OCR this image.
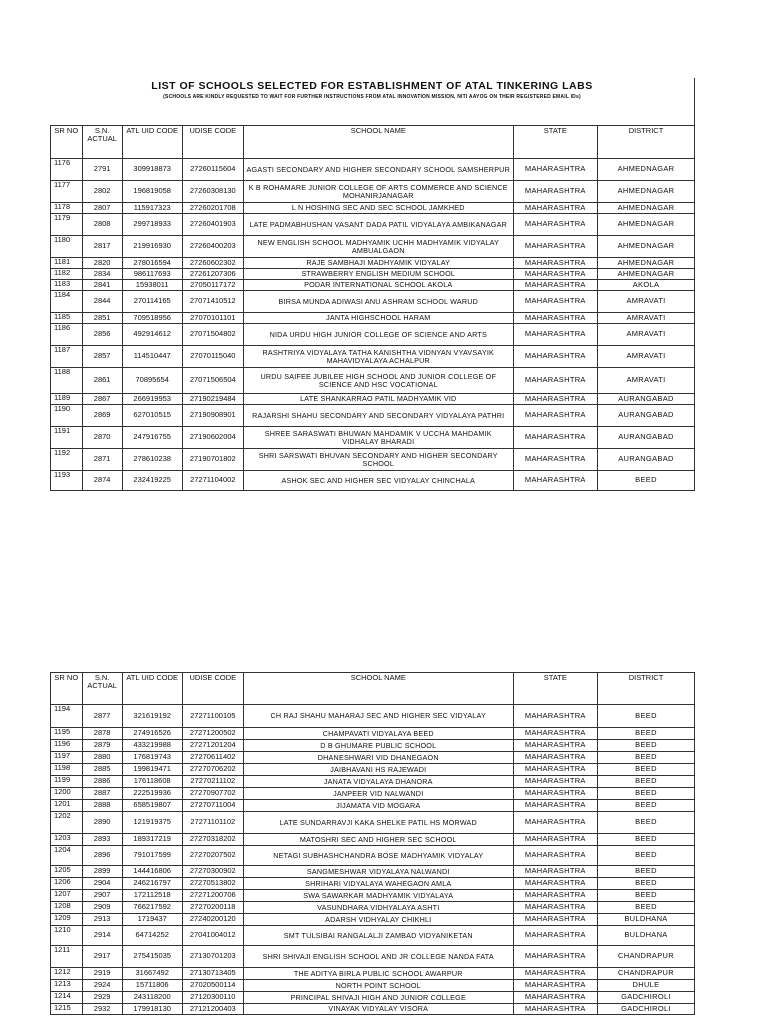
LIST OF SCHOOLS SELECTED FOR ESTABLISHMENT OF ATAL TINKERING LABS
(SCHOOLS ARE KINDLY REQUESTED TO WAIT FOR FURTHER INSTRUCTIONS FROM ATAL INNOVATION MISSION, NITI AAYOG ON THEIR REGISTERED EMAIL IDs)
SR NO	S.N. ACTUAL	ATL UID CODE	UDISE CODE	SCHOOL NAME	STATE	DISTRICT
1176	2791	309918873	27260115604	AGASTI SECONDARY AND HIGHER SECONDARY SCHOOL SAMSHERPUR	MAHARASHTRA	AHMEDNAGAR
1177	2802	196819058	27260308130	K B ROHAMARE JUNIOR COLLEGE OF ARTS COMMERCE AND SCIENCE MOHANIRJANAGAR	MAHARASHTRA	AHMEDNAGAR
1178	2807	115917323	27260201708	L N HOSHING SEC AND SEC SCHOOL JAMKHED	MAHARASHTRA	AHMEDNAGAR
1179	2808	299718933	27260401903	LATE PADMABHUSHAN VASANT DADA PATIL VIDYALAYA AMBIKANAGAR	MAHARASHTRA	AHMEDNAGAR
1180	2817	219916930	27260400203	NEW ENGLISH SCHOOL MADHYAMIK UCHH MADHYAMIK VIDYALAY AMBUALGAON	MAHARASHTRA	AHMEDNAGAR
1181	2820	278016594	27260602302	RAJE SAMBHAJI MADHYAMIK VIDYALAY	MAHARASHTRA	AHMEDNAGAR
1182	2834	986117693	27261207306	STRAWBERRY ENGLISH MEDIUM SCHOOL	MAHARASHTRA	AHMEDNAGAR
1183	2841	15938011	27050117172	PODAR INTERNATIONAL SCHOOL AKOLA	MAHARASHTRA	AKOLA
1184	2844	270114165	27071410512	BIRSA MUNDA ADIWASI ANU ASHRAM SCHOOL WARUD	MAHARASHTRA	AMRAVATI
1185	2851	709518956	27070101101	JANTA HIGHSCHOOL HARAM	MAHARASHTRA	AMRAVATI
1186	2856	492914612	27071504802	NIDA URDU HIGH JUNIOR COLLEGE OF SCIENCE AND ARTS	MAHARASHTRA	AMRAVATI
1187	2857	114510447	27070115040	RASHTRIYA VIDYALAYA TATHA KANISHTHA VIDNYAN VYAVSAYIK MAHAVIDYALAYA ACHALPUR	MAHARASHTRA	AMRAVATI
1188	2861	70895654	27071506504	URDU SAIFEE JUBILEE HIGH SCHOOL AND JUNIOR COLLEGE OF SCIENCE AND HSC VOCATIONAL	MAHARASHTRA	AMRAVATI
1189	2867	266919953	27190219484	LATE SHANKARRAO PATIL MADHYAMIK VID	MAHARASHTRA	AURANGABAD
1190	2869	627010515	27190908901	RAJARSHI SHAHU SECONDARY AND SECONDARY VIDYALAYA PATHRI	MAHARASHTRA	AURANGABAD
1191	2870	247916755	27190602004	SHREE SARASWATI BHUWAN MAHDAMIK V UCCHA MAHDAMIK VIDHALAY BHARADI	MAHARASHTRA	AURANGABAD
1192	2871	278610238	27190701802	SHRI SARSWATI BHUVAN SECONDARY AND HIGHER SECONDARY SCHOOL	MAHARASHTRA	AURANGABAD
1193	2874	232419225	27271104002	ASHOK SEC AND HIGHER SEC VIDYALAY CHINCHALA	MAHARASHTRA	BEED
SR NO	S.N. ACTUAL	ATL UID CODE	UDISE CODE	SCHOOL NAME	STATE	DISTRICT
1194	2877	321619192	27271100105	CH RAJ SHAHU MAHARAJ SEC AND HIGHER SEC VIDYALAY	MAHARASHTRA	BEED
1195	2878	274916526	27271200502	CHAMPAVATI VIDYALAYA BEED	MAHARASHTRA	BEED
1196	2879	433219988	27271201204	D B GHUMARE PUBLIC SCHOOL	MAHARASHTRA	BEED
1197	2880	176819743	27270611402	DHANESHWARI VID DHANEGAON	MAHARASHTRA	BEED
1198	2885	199819471	27270706202	JAIBHAVANI HS RAJEWADI	MAHARASHTRA	BEED
1199	2886	176118608	27270211102	JANATA VIDYALAYA DHANORA	MAHARASHTRA	BEED
1200	2887	222519936	27270907702	JANPEER VID NALWANDI	MAHARASHTRA	BEED
1201	2888	658519807	27270711004	JIJAMATA VID MOGARA	MAHARASHTRA	BEED
1202	2890	121919375	27271101102	LATE SUNDARRAVJI KAKA SHELKE PATIL HS MORWAD	MAHARASHTRA	BEED
1203	2893	189317219	27270318202	MATOSHRI SEC AND HIGHER SEC SCHOOL	MAHARASHTRA	BEED
1204	2896	791017599	27270207502	NETAGI SUBHASHCHANDRA BOSE MADHYAMIK VIDYALAY	MAHARASHTRA	BEED
1205	2899	144416806	27270300902	SANGMESHWAR VIDYALAYA NALWANDI	MAHARASHTRA	BEED
1206	2904	246216797	27270513802	SHRIHARI VIDYALAYA WAHEGAON AMLA	MAHARASHTRA	BEED
1207	2907	172112518	27271200706	SWA SAWARKAR MADHYAMIK VIDYALAYA	MAHARASHTRA	BEED
1208	2909	766217592	27270200118	VASUNDHARA VIDHYALAYA ASHTI	MAHARASHTRA	BEED
1209	2913	1719437	27240200120	ADARSH VIDHYALAY CHIKHLI	MAHARASHTRA	BULDHANA
1210	2914	64714252	27041004012	SMT TULSIBAI RANGALALJI ZAMBAD VIDYANIKETAN	MAHARASHTRA	BULDHANA
1211	2917	275415035	27130701203	SHRI SHIVAJI ENGLISH SCHOOL AND JR COLLEGE NANDA FATA	MAHARASHTRA	CHANDRAPUR
1212	2919	31667492	27130713405	THE ADITYA BIRLA PUBLIC SCHOOL AWARPUR	MAHARASHTRA	CHANDRAPUR
1213	2924	15711806	27020500114	NORTH POINT SCHOOL	MAHARASHTRA	DHULE
1214	2929	243118200	27120300110	PRINCIPAL SHIVAJI HIGH AND JUNIOR COLLEGE	MAHARASHTRA	GADCHIROLI
1215	2932	179918130	27121200403	VINAYAK VIDYALAY VISORA	MAHARASHTRA	GADCHIROLI
